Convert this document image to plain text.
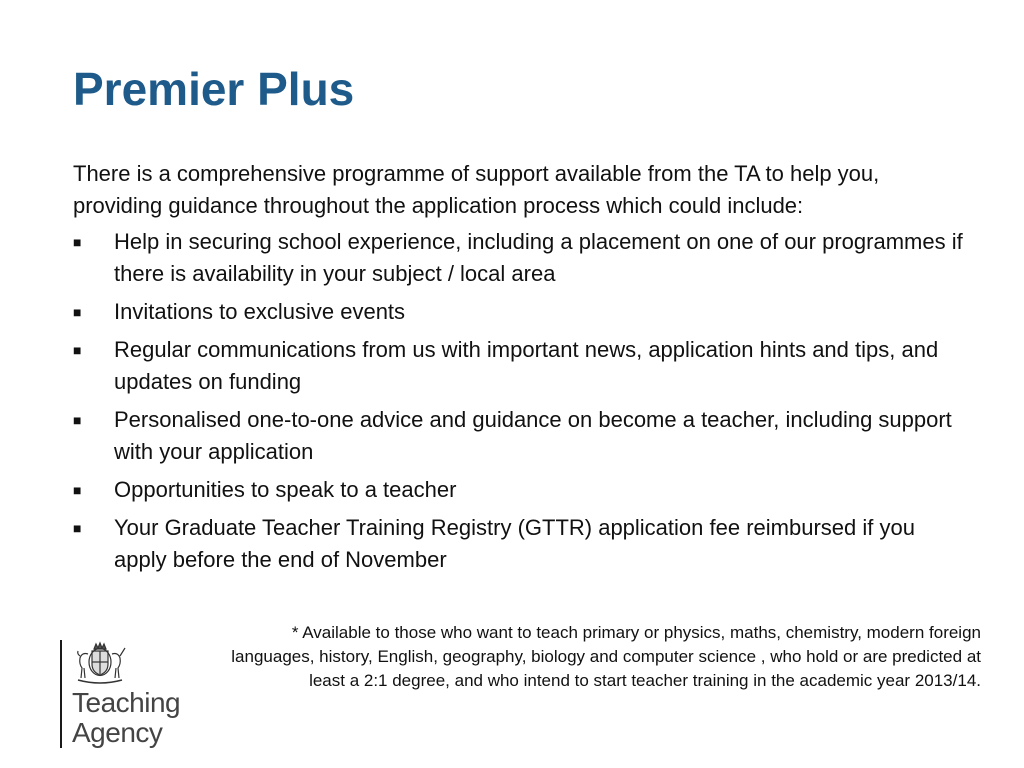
Premier Plus

There is a comprehensive programme of support available from the TA to help you, providing guidance throughout the application process which could include:

■ Help in securing school experience, including a placement on one of our programmes if there is availability in your subject / local area
■ Invitations to exclusive events
■ Regular communications from us with important news, application hints and tips, and updates on funding
■ Personalised one-to-one advice and guidance on become a teacher, including support with your application
■ Opportunities to speak to a teacher
■ Your Graduate Teacher Training Registry (GTTR) application fee reimbursed if you apply before the end of November
* Available to those who want to teach primary or physics, maths, chemistry, modern foreign languages, history, English, geography, biology and computer science , who hold or are predicted at least a 2:1 degree, and who intend to start teacher training in the academic year 2013/14.
Teaching
Agency
